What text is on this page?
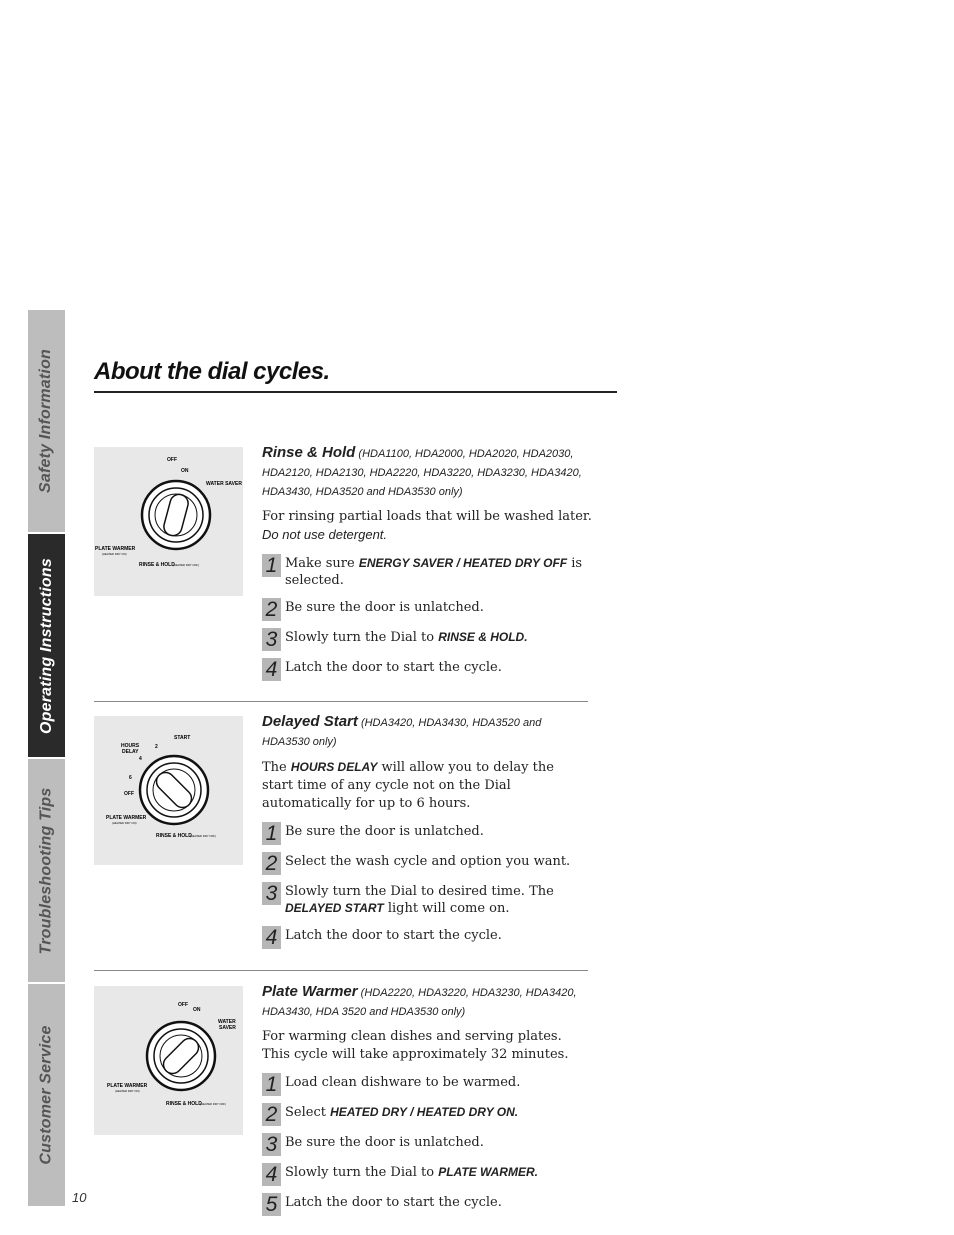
Safety Information
Operating Instructions
Troubleshooting Tips
Customer Service
About the dial cycles.
OFF
ON
WATER SAVER
PLATE WARMER
(HEATED DRY ON)
RINSE & HOLD
(HEATED DRY OFF)
Rinse & Hold (HDA1100, HDA2000, HDA2020, HDA2030, HDA2120, HDA2130, HDA2220, HDA3220, HDA3230, HDA3420, HDA3430, HDA3520 and HDA3530 only)
For rinsing partial loads that will be washed later. Do not use detergent.
1 Make sure ENERGY SAVER / HEATED DRY OFF is selected.
2 Be sure the door is unlatched.
3 Slowly turn the Dial to RINSE & HOLD.
4 Latch the door to start the cycle.
START
HOURS
DELAY
2
4
6
OFF
PLATE WARMER
(HEATED DRY ON)
RINSE & HOLD
(HEATED DRY OFF)
Delayed Start (HDA3420, HDA3430, HDA3520 and HDA3530 only)
The HOURS DELAY will allow you to delay the start time of any cycle not on the Dial automatically for up to 6 hours.
1 Be sure the door is unlatched.
2 Select the wash cycle and option you want.
3 Slowly turn the Dial to desired time. The DELAYED START light will come on.
4 Latch the door to start the cycle.
OFF
ON
WATER
SAVER
PLATE WARMER
(HEATED DRY ON)
RINSE & HOLD
(HEATED DRY OFF)
Plate Warmer (HDA2220, HDA3220, HDA3230, HDA3420, HDA3430, HDA 3520 and HDA3530 only)
For warming clean dishes and serving plates. This cycle will take approximately 32 minutes.
1 Load clean dishware to be warmed.
2 Select HEATED DRY / HEATED DRY ON.
3 Be sure the door is unlatched.
4 Slowly turn the Dial to PLATE WARMER.
5 Latch the door to start the cycle.
10
